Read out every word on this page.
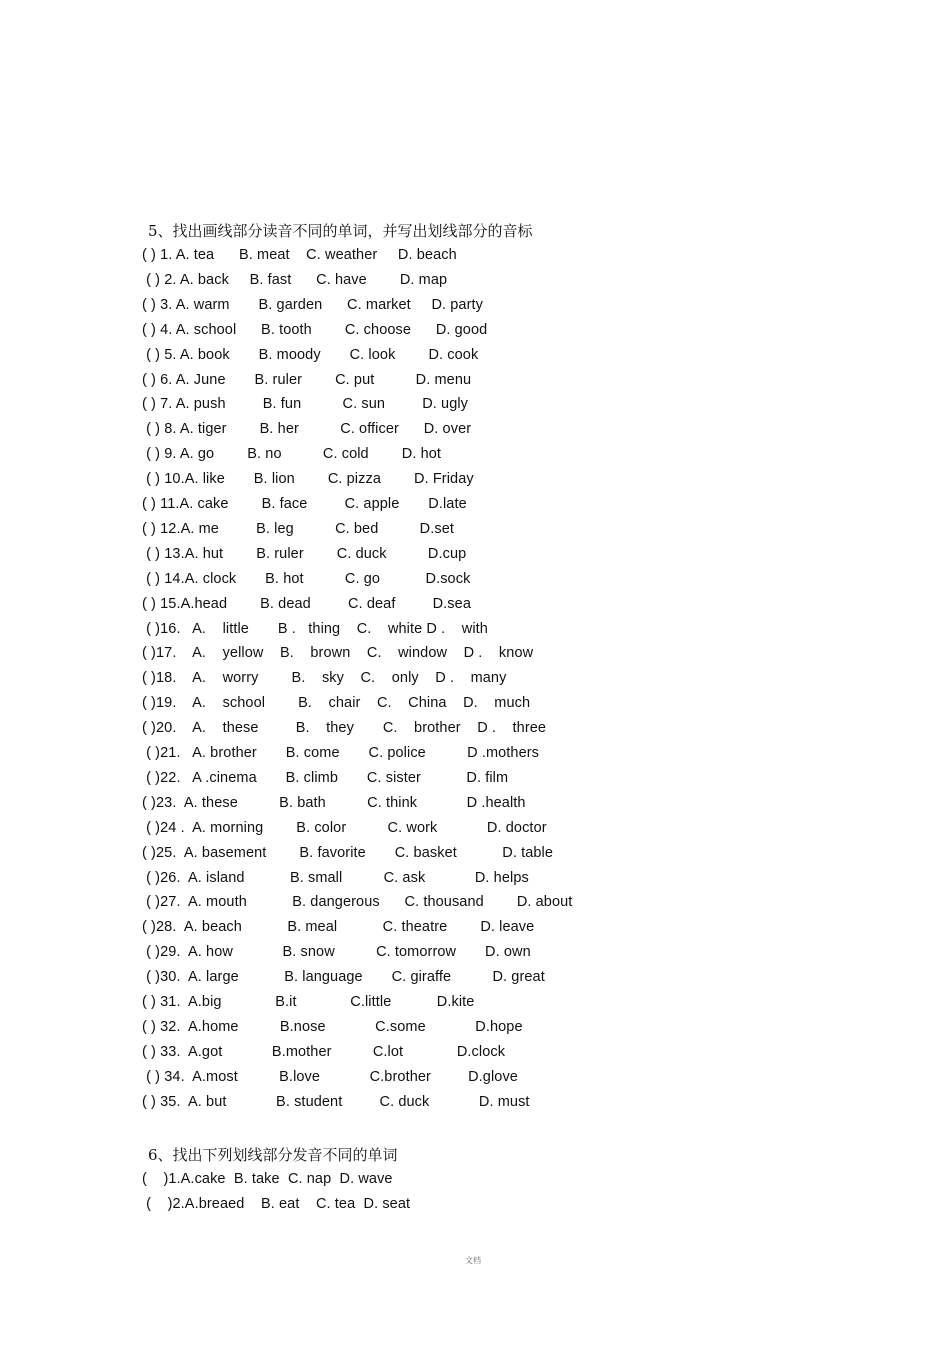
5、找出画线部分读音不同的单词，并写出划线部分的音标
( ) 1. A. tea      B. meat    C. weather     D. beach
( ) 2. A. back     B. fast      C. have        D. map
( ) 3. A. warm       B. garden      C. market     D. party
( ) 4. A. school      B. tooth        C. choose      D. good
( ) 5. A. book       B. moody       C. look        D. cook
( ) 6. A. June       B. ruler        C. put          D. menu
( ) 7. A. push         B. fun          C. sun         D. ugly
( ) 8. A. tiger        B. her          C. officer      D. over
( ) 9. A. go        B. no          C. cold        D. hot
( ) 10.A. like       B. lion        C. pizza        D. Friday
( ) 11.A. cake        B. face         C. apple       D.late
( ) 12.A. me         B. leg          C. bed          D.set
( ) 13.A. hut        B. ruler        C. duck          D.cup
( ) 14.A. clock       B. hot          C. go           D.sock
( ) 15.A.head        B. dead         C. deaf         D.sea
( )16.   A.    little       B .   thing    C.    white D .    with
( )17.    A.    yellow    B.    brown    C.    window    D .    know
( )18.    A.    worry        B.    sky    C.    only    D .    many
( )19.    A.    school        B.    chair    C.    China    D.    much
( )20.    A.    these         B.    they       C.    brother    D .    three
( )21.   A. brother       B. come       C. police          D .mothers
( )22.   A .cinema       B. climb       C. sister           D. film
( )23.  A. these          B. bath          C. think            D .health
( )24 .  A. morning        B. color          C. work            D. doctor
( )25.  A. basement        B. favorite       C. basket           D. table
( )26.  A. island           B. small          C. ask            D. helps
( )27.  A. mouth           B. dangerous      C. thousand        D. about
( )28.  A. beach           B. meal           C. theatre        D. leave
( )29.  A. how            B. snow          C. tomorrow       D. own
( )30.  A. large           B. language       C. giraffe          D. great
( ) 31.  A.big             B.it             C.little           D.kite
( ) 32.  A.home          B.nose            C.some            D.hope
( ) 33.  A.got            B.mother          C.lot             D.clock
( ) 34.  A.most          B.love            C.brother         D.glove
( ) 35.  A. but            B. student         C. duck            D. must
6、找出下列划线部分发音不同的单词
(    )1.A.cake  B. take  C. nap  D. wave
(    )2.A.breaed    B. eat    C. tea  D. seat
文档
